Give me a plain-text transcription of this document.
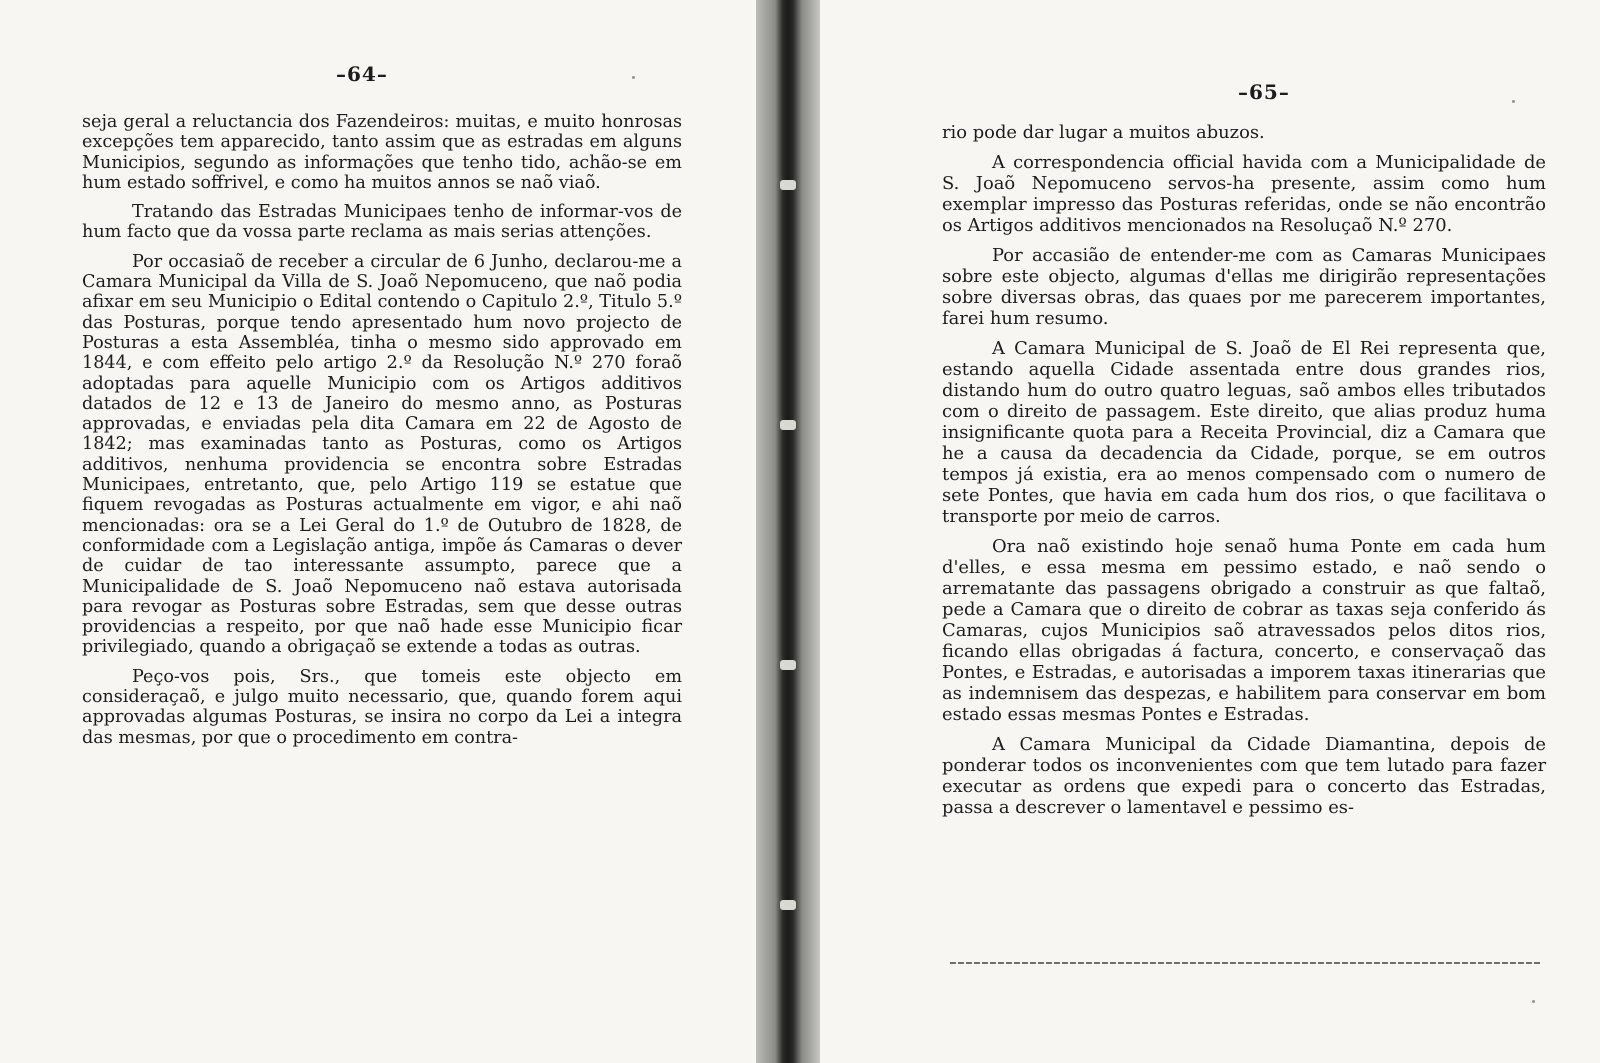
–64–

seja geral a reluctancia dos Fazendeiros: muitas, e muito honrosas excepções tem apparecido, tanto assim que as estradas em alguns Municipios, segundo as informações que tenho tido, achão-se em hum estado soffrivel, e como ha muitos annos se naõ viaõ.

Tratando das Estradas Municipaes tenho de informar-vos de hum facto que da vossa parte reclama as mais serias attenções.

Por occasiaõ de receber a circular de 6 Junho, declarou-me a Camara Municipal da Villa de S. Joaõ Nepomuceno, que naõ podia afixar em seu Municipio o Edital contendo o Capitulo 2.º, Titulo 5.º das Posturas, porque tendo apresentado hum novo projecto de Posturas a esta Assembléa, tinha o mesmo sido approvado em 1844, e com effeito pelo artigo 2.º da Resolução N.º 270 foraõ adoptadas para aquelle Municipio com os Artigos additivos datados de 12 e 13 de Janeiro do mesmo anno, as Posturas approvadas, e enviadas pela dita Camara em 22 de Agosto de 1842; mas examinadas tanto as Posturas, como os Artigos additivos, nenhuma providencia se encontra sobre Estradas Municipaes, entretanto, que, pelo Artigo 119 se estatue que fiquem revogadas as Posturas actualmente em vigor, e ahi naõ mencionadas: ora se a Lei Geral do 1.º de Outubro de 1828, de conformidade com a Legislação antiga, impõe ás Camaras o dever de cuidar de tao interessante assumpto, parece que a Municipalidade de S. Joaõ Nepomuceno naõ estava autorisada para revogar as Posturas sobre Estradas, sem que desse outras providencias a respeito, por que naõ hade esse Municipio ficar privilegiado, quando a obrigaçaõ se extende a todas as outras.

Peço-vos pois, Srs., que tomeis este objecto em consideraçaõ, e julgo muito necessario, que, quando forem aqui approvadas algumas Posturas, se insira no corpo da Lei a integra das mesmas, por que o procedimento em contra-

–65–

rio pode dar lugar a muitos abuzos.

A correspondencia official havida com a Municipalidade de S. Joaõ Nepomuceno servos-ha presente, assim como hum exemplar impresso das Posturas referidas, onde se não encontrão os Artigos additivos mencionados na Resoluçaõ N.º 270.

Por accasião de entender-me com as Camaras Municipaes sobre este objecto, algumas d'ellas me dirigirão representações sobre diversas obras, das quaes por me parecerem importantes, farei hum resumo.

A Camara Municipal de S. Joaõ de El Rei representa que, estando aquella Cidade assentada entre dous grandes rios, distando hum do outro quatro leguas, saõ ambos elles tributados com o direito de passagem. Este direito, que alias produz huma insignificante quota para a Receita Provincial, diz a Camara que he a causa da decadencia da Cidade, porque, se em outros tempos já existia, era ao menos compensado com o numero de sete Pontes, que havia em cada hum dos rios, o que facilitava o transporte por meio de carros.

Ora naõ existindo hoje senaõ huma Ponte em cada hum d'elles, e essa mesma em pessimo estado, e naõ sendo o arrematante das passagens obrigado a construir as que faltaõ, pede a Camara que o direito de cobrar as taxas seja conferido ás Camaras, cujos Municipios saõ atravessados pelos ditos rios, ficando ellas obrigadas á factura, concerto, e conservaçaõ das Pontes, e Estradas, e autorisadas a imporem taxas itinerarias que as indemnisem das despezas, e habilitem para conservar em bom estado essas mesmas Pontes e Estradas.

A Camara Municipal da Cidade Diamantina, depois de ponderar todos os inconvenientes com que tem lutado para fazer executar as ordens que expedi para o concerto das Estradas, passa a descrever o lamentavel e pessimo es-
